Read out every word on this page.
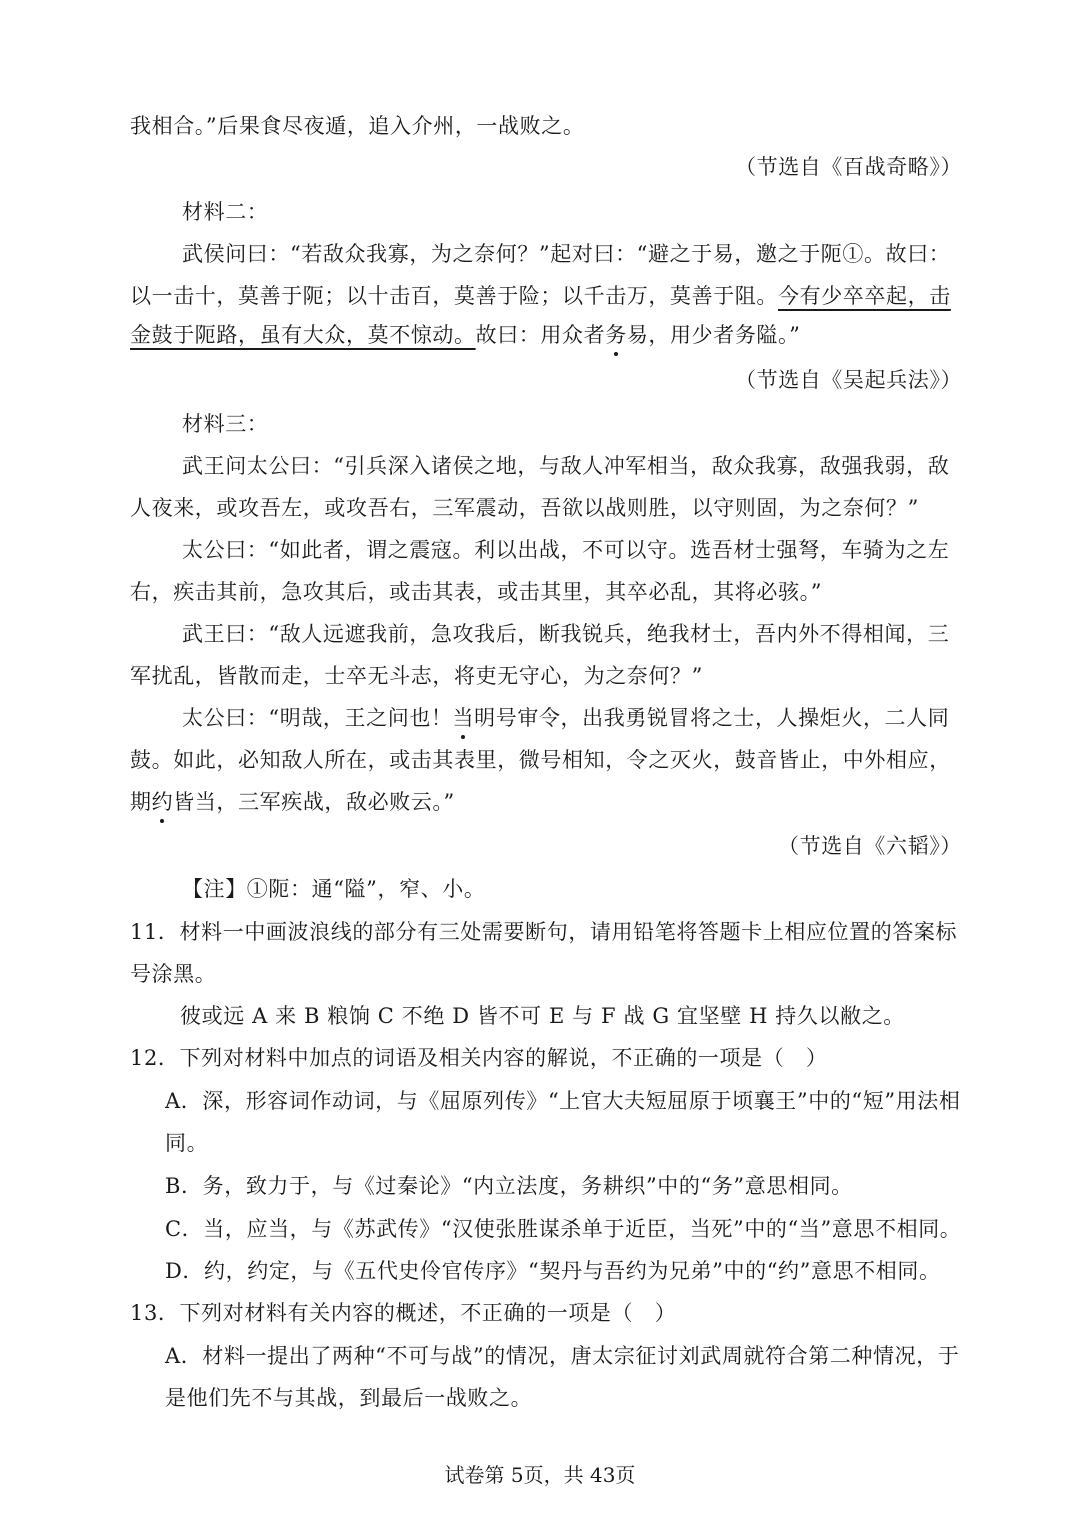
我相合。”后果食尽夜遁，追入介州，一战败之。
（节选自《百战奇略》）
材料二：
武侯问曰：“若敌众我寡，为之奈何？”起对曰：“避之于易，邀之于阨①。故曰：
以一击十，莫善于阨；以十击百，莫善于险；以千击万，莫善于阻。今有少卒卒起，击
金鼓于阨路，虽有大众，莫不惊动。故曰：用众者务易，用少者务隘。”
（节选自《吴起兵法》）
材料三：
武王问太公曰：“引兵深入诸侯之地，与敌人冲军相当，敌众我寡，敌强我弱，敌
人夜来，或攻吾左，或攻吾右，三军震动，吾欲以战则胜，以守则固，为之奈何？”
太公曰：“如此者，谓之震寇。利以出战，不可以守。选吾材士强弩，车骑为之左
右，疾击其前，急攻其后，或击其表，或击其里，其卒必乱，其将必骇。”
武王曰：“敌人远遮我前，急攻我后，断我锐兵，绝我材士，吾内外不得相闻，三
军扰乱，皆散而走，士卒无斗志，将吏无守心，为之奈何？”
太公曰：“明哉，王之问也！当明号审令，出我勇锐冒将之士，人操炬火，二人同
鼓。如此，必知敌人所在，或击其表里，微号相知，令之灭火，鼓音皆止，中外相应，
期约皆当，三军疾战，敌必败云。”
（节选自《六韬》）
【注】①阨：通“隘”，窄、小。
11．材料一中画波浪线的部分有三处需要断句，请用铅笔将答题卡上相应位置的答案标
号涂黑。
彼或远 A 来 B 粮饷 C 不绝 D 皆不可 E 与 F 战 G 宜坚壁 H 持久以敝之。
12．下列对材料中加点的词语及相关内容的解说，不正确的一项是（　）
A．深，形容词作动词，与《屈原列传》“上官大夫短屈原于顷襄王”中的“短”用法相
同。
B．务，致力于，与《过秦论》“内立法度，务耕织”中的“务”意思相同。
C．当，应当，与《苏武传》“汉使张胜谋杀单于近臣，当死”中的“当”意思不相同。
D．约，约定，与《五代史伶官传序》“契丹与吾约为兄弟”中的“约”意思不相同。
13．下列对材料有关内容的概述，不正确的一项是（　）
A．材料一提出了两种“不可与战”的情况，唐太宗征讨刘武周就符合第二种情况，于
是他们先不与其战，到最后一战败之。
试卷第 5页，共 43页
